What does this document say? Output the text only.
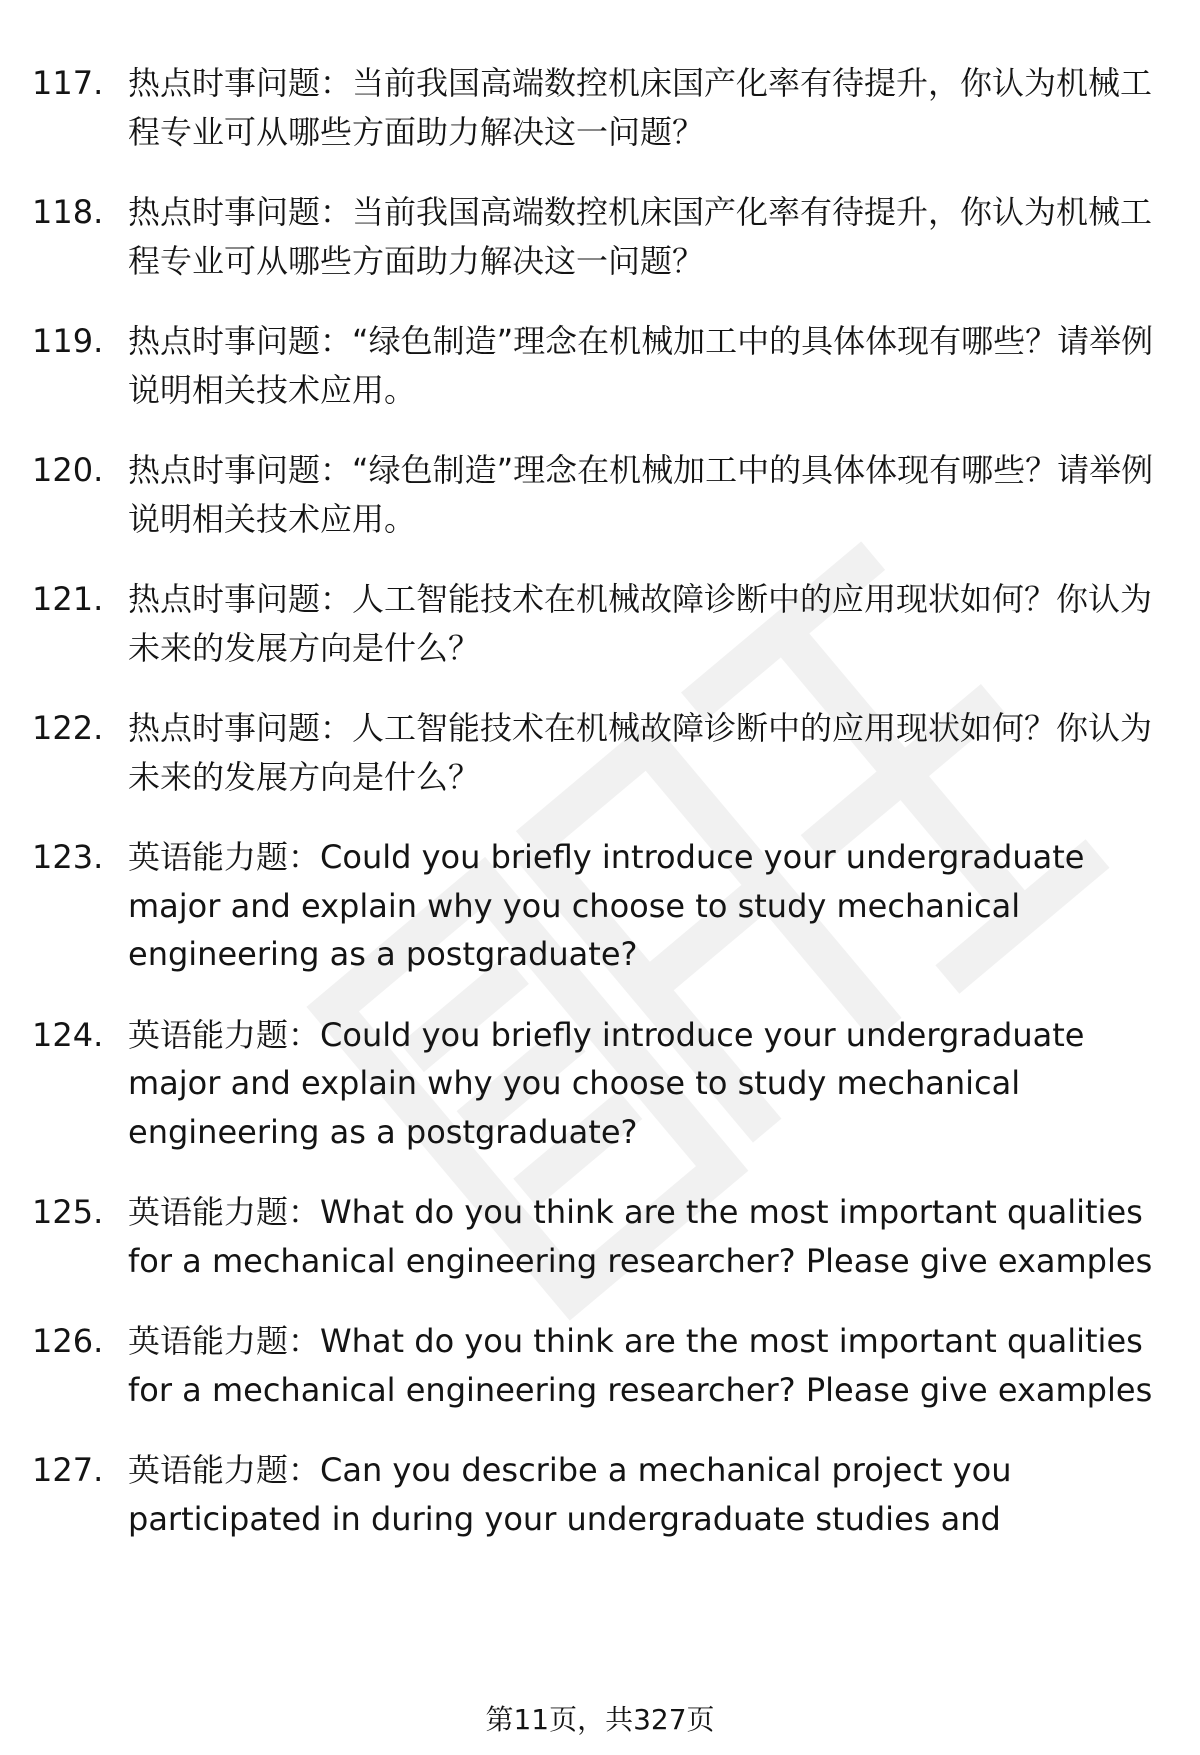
117. 热点时事问题：当前我国高端数控机床国产化率有待提升，你认为机械工程专业可从哪些方面助力解决这一问题？

118. 热点时事问题：当前我国高端数控机床国产化率有待提升，你认为机械工程专业可从哪些方面助力解决这一问题？

119. 热点时事问题：“绿色制造”理念在机械加工中的具体体现有哪些？请举例说明相关技术应用。

120. 热点时事问题：“绿色制造”理念在机械加工中的具体体现有哪些？请举例说明相关技术应用。

121. 热点时事问题：人工智能技术在机械故障诊断中的应用现状如何？你认为未来的发展方向是什么？

122. 热点时事问题：人工智能技术在机械故障诊断中的应用现状如何？你认为未来的发展方向是什么？

123. 英语能力题：Could you briefly introduce your undergraduate major and explain why you choose to study mechanical engineering as a postgraduate?

124. 英语能力题：Could you briefly introduce your undergraduate major and explain why you choose to study mechanical engineering as a postgraduate?

125. 英语能力题：What do you think are the most important qualities for a mechanical engineering researcher? Please give examples

126. 英语能力题：What do you think are the most important qualities for a mechanical engineering researcher? Please give examples

127. 英语能力题：Can you describe a mechanical project you participated in during your undergraduate studies and

第11页，共327页
